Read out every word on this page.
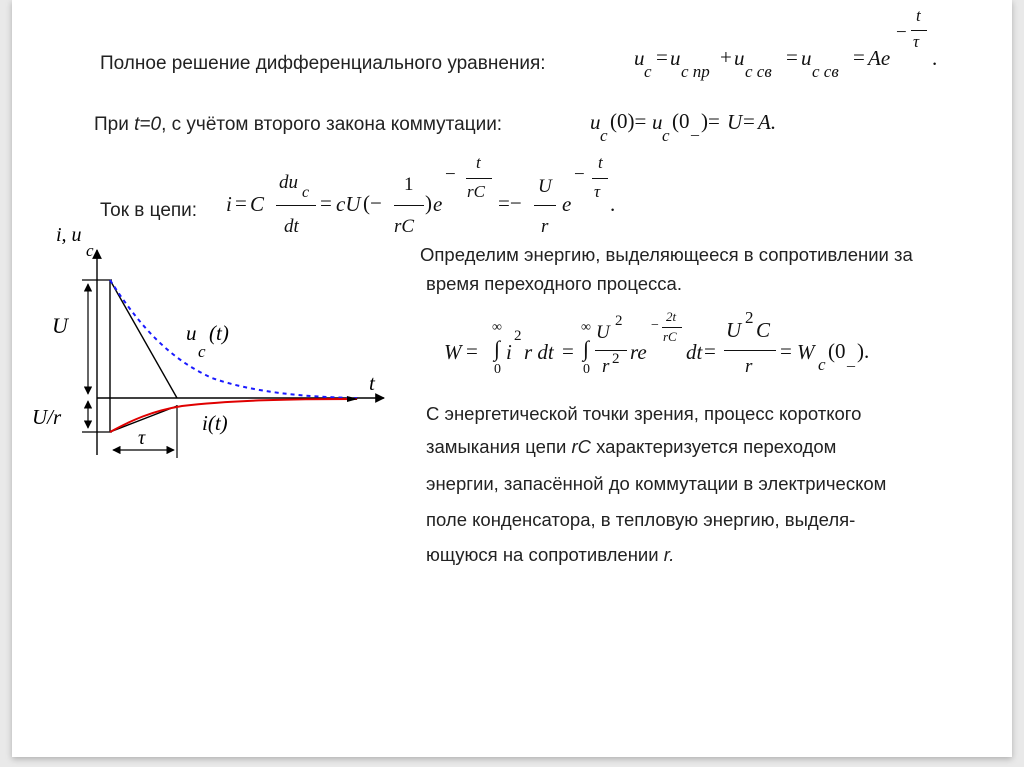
Полное решение дифференциального уравнения:	u
c
= u
с пр
+ u
с св
= u
с св
= Ae
−
t
τ
.
При t=0, с учётом второго закона коммутации:	u
с
(0)= u
с
(0 _ )= U = A.
Ток в цепи: i = C
du c
dt
= cU (−
1
rC
) e
−
t
rC =−
U
r
e
−
t
τ
.
Определим энергию, выделяющееся в сопротивлении за
время переходного процесса.
W =
∞
∫
0
i
2
r dt =
∞
∫
0
U
2
r 2 re
−
2t
rC
dt =
U
2
C
r
= W
c
(0 _ ).
С энергетической точки зрения, процесс короткого
замыкания цепи rC характеризуется переходом
энергии, запасённой до коммутации в электрическом
поле конденсатора, в тепловую энергию, выделя-
ющуюся на сопротивлении r.
i, u
c
t
U
U/r
τ
u
c
(t)
i(t)
